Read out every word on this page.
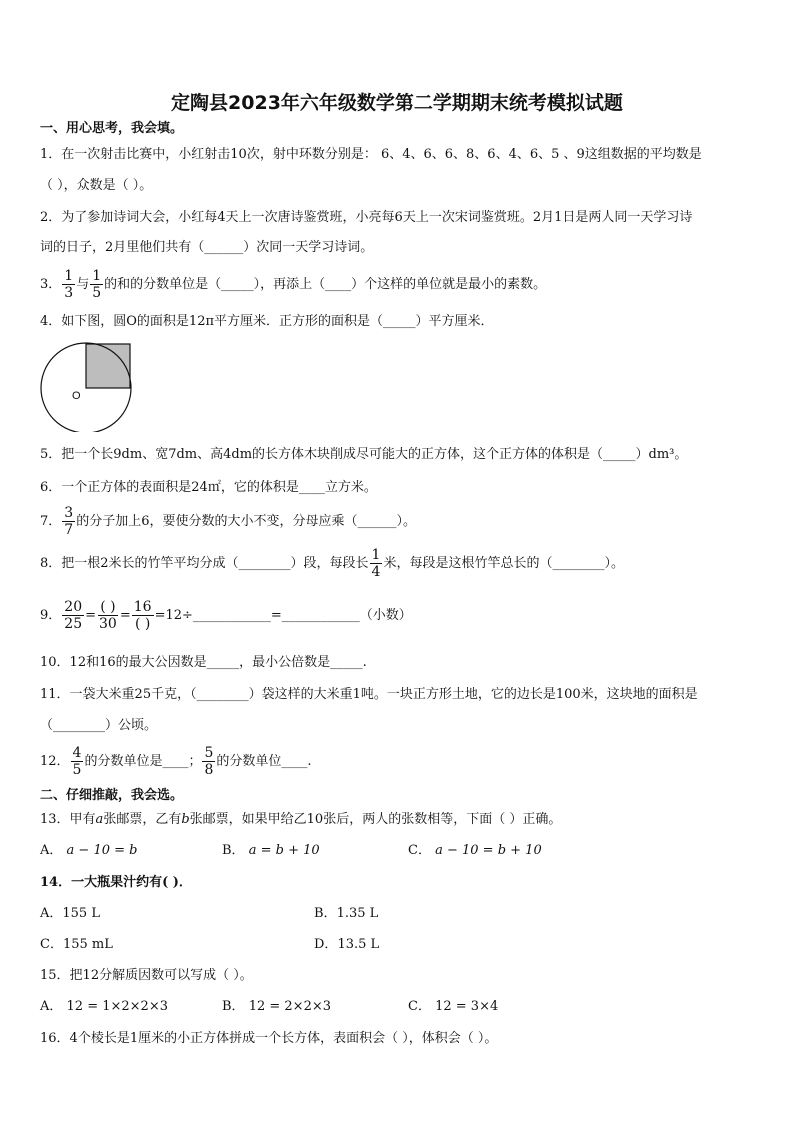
定陶县2023年六年级数学第二学期期末统考模拟试题
一、用心思考，我会填。
1．在一次射击比赛中，小红射击10次，射中环数分别是： 6、4、6、6、8、6、4、6、5 、9这组数据的平均数是
（ ），众数是（ ）。
2．为了参加诗词大会，小红每4天上一次唐诗鉴赏班，小亮每6天上一次宋词鉴赏班。2月1日是两人同一天学习诗
词的日子，2月里他们共有（______）次同一天学习诗词。
3． $\frac{1}{3}$ 与 $\frac{1}{5}$ 的和的分数单位是（_____），再添上（____）个这样的单位就是最小的素数。
4．如下图，圆O的面积是12π平方厘米．正方形的面积是（_____）平方厘米．
O
5．把一个长9dm、宽7dm、高4dm的长方体木块削成尽可能大的正方体，这个正方体的体积是（_____）dm³。
6．一个正方体的表面积是24㎡，它的体积是____立方米。
7． $\frac{3}{7}$ 的分子加上6，要使分数的大小不变，分母应乘（______）。
8．把一根2米长的竹竿平均分成（________）段，每段长 $\frac{1}{4}$ 米，每段是这根竹竿总长的（________）。
9． $\frac{20}{25} = \frac{( )}{30} = \frac{16}{( )}$ =12÷____________=____________（小数）
10．12和16的最大公因数是_____，最小公倍数是_____.
11．一袋大米重25千克，（________）袋这样的大米重1吨。一块正方形土地，它的边长是100米，这块地的面积是
（________）公顷。
12． $\frac{4}{5}$ 的分数单位是____； $\frac{5}{8}$ 的分数单位____.
二、仔细推敲，我会选。
13．甲有a张邮票，乙有b张邮票，如果甲给乙10张后，两人的张数相等，下面（ ）正确。
A． a − 10 = b	B． a = b + 10	C． a − 10 = b + 10
14．一大瓶果汁约有( )．
A．155 L	B．1.35 L
C．155 mL	D．13.5 L
15．把12分解质因数可以写成（ ）。
A． 12 = 1×2×2×3	B． 12 = 2×2×3	C． 12 = 3×4
16．4个棱长是1厘米的小正方体拼成一个长方体，表面积会（ ），体积会（ ）。
